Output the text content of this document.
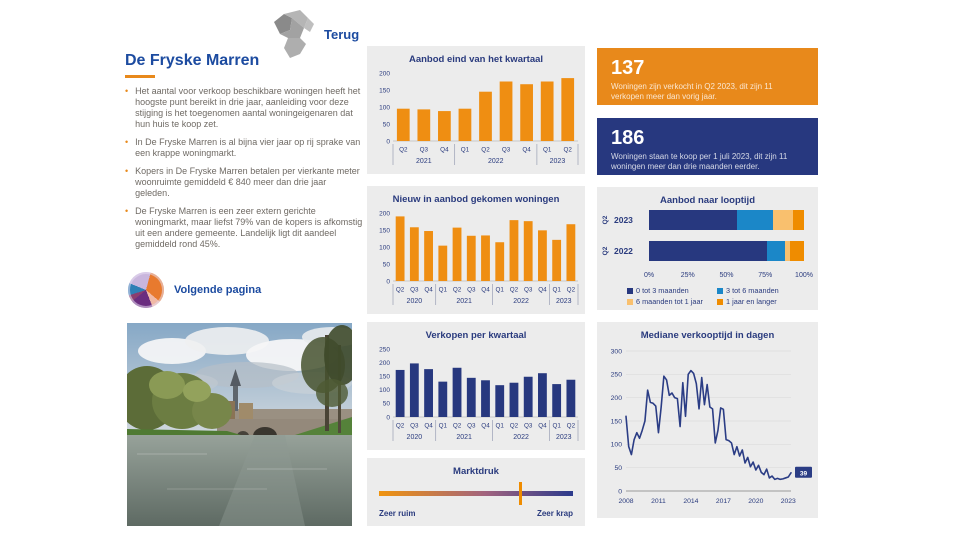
Terug
De Fryske Marren
• Het aantal voor verkoop beschikbare woningen heeft het hoogste punt bereikt in drie jaar, aanleiding voor deze stijging is het toegenomen aantal woningeigenaren dat hun huis te koop zet.
• In De Fryske Marren is al bijna vier jaar op rij sprake van een krappe woningmarkt.
• Kopers in De Fryske Marren betalen per vierkante meter woonruimte gemiddeld € 840 meer dan drie jaar geleden.
• De Fryske Marren is een zeer extern gerichte woningmarkt, maar liefst 79% van de kopers is afkomstig uit een andere gemeente. Landelijk ligt dit aandeel gemiddeld rond 45%.
Volgende pagina
Aanbod eind van het kwartaal
0
50
100
150
200
Q2 Q3 Q4 Q1 Q2 Q3 Q4 Q1 Q2
2021	2022	2023
Nieuw in aanbod gekomen woningen
0
50
100
150
200
Q2 Q3 Q4 Q1 Q2 Q3 Q4 Q1 Q2 Q3 Q4 Q1 Q2
2020	2021	2022	2023
Verkopen per kwartaal
0
50
100
150
200
250
Q2 Q3 Q4 Q1 Q2 Q3 Q4 Q1 Q2 Q3 Q4 Q1 Q2
2020	2021	2022	2023
Marktdruk
Zeer ruim	Zeer krap
137
Woningen zijn verkocht in Q2 2023, dit zijn 11 verkopen meer dan vorig jaar.
186
Woningen staan te koop per 1 juli 2023, dit zijn 11 woningen meer dan drie maanden eerder.
Aanbod naar looptijd
Q2 2023
Q2 2022
0%	25%	50%	75%	100%
0 tot 3 maanden	3 tot 6 maanden
6 maanden tot 1 jaar	1 jaar en langer
Mediane verkooptijd in dagen
0
50
100
150
200
250
300
2008	2011	2014	2017	2020	2023
39
